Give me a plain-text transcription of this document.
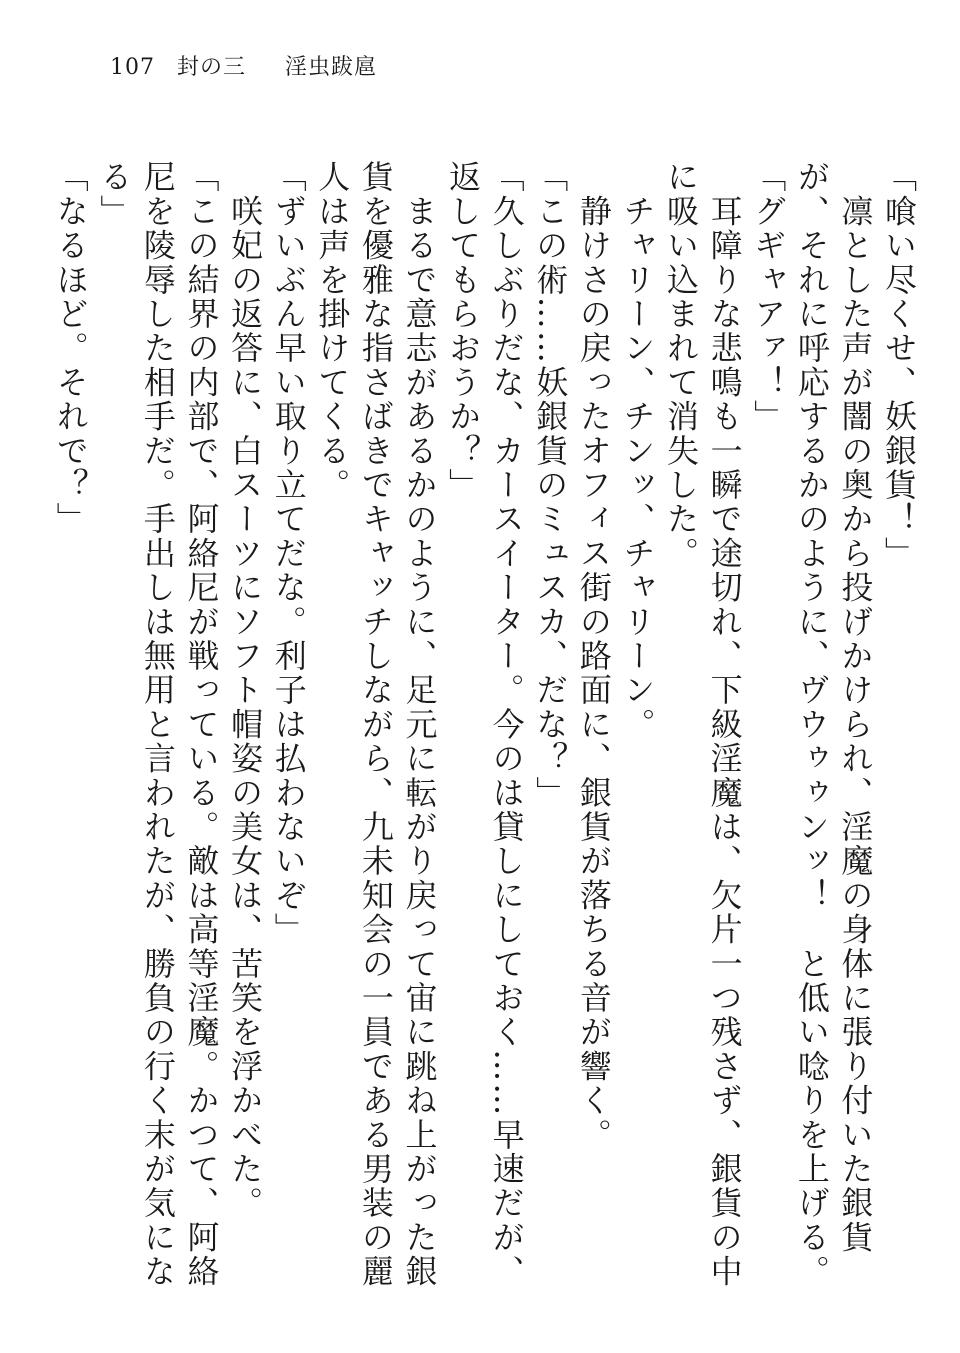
107 封の三 　 淫虫跋扈

「喰い尽くせ、妖銀貨！」

　凛とした声が闇の奥から投げかけられ、淫魔の身体に張り付いた銀貨が、それに呼応するかのように、ヴウゥゥンッ！　と低い唸りを上げる。

「グギャアァ！」

　耳障りな悲鳴も一瞬で途切れ、下級淫魔は、欠片一つ残さず、銀貨の中に吸い込まれて消失した。

　チャリーン、チンッ、チャリーン。

　静けさの戻ったオフィス街の路面に、銀貨が落ちる音が響く。

「この術……妖銀貨のミュスカ、だな？」

「久しぶりだな、カースイーター。今のは貸しにしておく……早速だが、返してもらおうか？」

　まるで意志があるかのように、足元に転がり戻って宙に跳ね上がった銀貨を優雅な指さばきでキャッチしながら、九未知会の一員である男装の麗人は声を掛けてくる。

「ずいぶん早い取り立てだな。利子は払わないぞ」

　咲妃の返答に、白スーツにソフト帽姿の美女は、苦笑を浮かべた。

「この結界の内部で、阿絡尼が戦っている。敵は高等淫魔。かつて、阿絡尼を陵辱した相手だ。手出しは無用と言われたが、勝負の行く末が気になる」

「なるほど。それで？」
